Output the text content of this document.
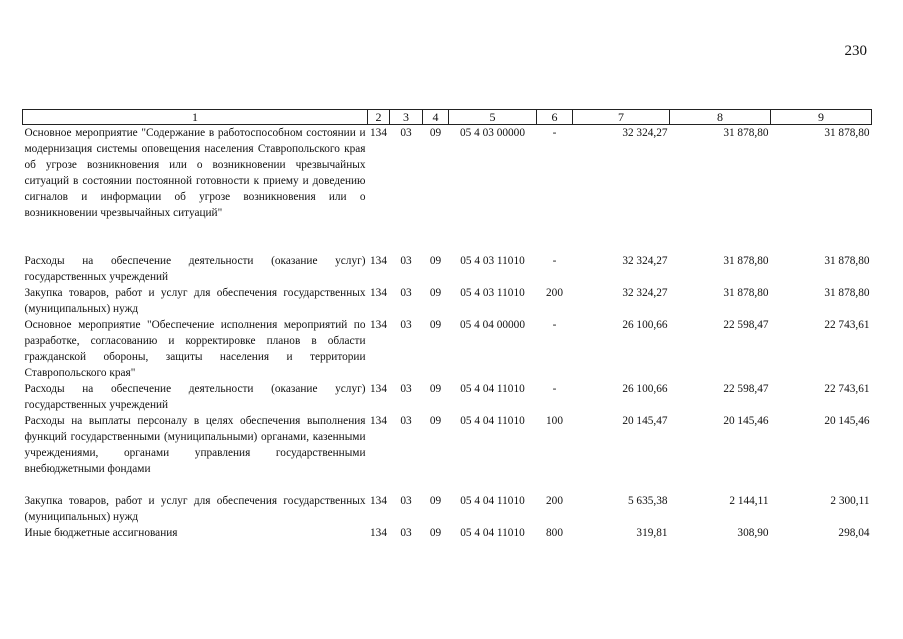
230
1	2	3	4	5	6	7	8	9
Основное мероприятие "Содержание в работоспособном состоянии и модернизация системы оповещения населения Ставропольского края об угрозе возникновения или о возникновении чрезвычайных ситуаций в состоянии постоянной готовности к приему и доведению сигналов и информации об угрозе возникновения или о возникновении чрезвычайных ситуаций"	134	03	09	05 4 03 00000	-	32 324,27	31 878,80	31 878,80
Расходы на обеспечение деятельности (оказание услуг) государственных учреждений	134	03	09	05 4 03 11010	-	32 324,27	31 878,80	31 878,80
Закупка товаров, работ и услуг для обеспечения государственных (муниципальных) нужд	134	03	09	05 4 03 11010	200	32 324,27	31 878,80	31 878,80
Основное мероприятие "Обеспечение исполнения мероприятий по разработке, согласованию и корректировке планов в области гражданской обороны, защиты населения и территории Ставропольского края"	134	03	09	05 4 04 00000	-	26 100,66	22 598,47	22 743,61
Расходы на обеспечение деятельности (оказание услуг) государственных учреждений	134	03	09	05 4 04 11010	-	26 100,66	22 598,47	22 743,61
Расходы на выплаты персоналу в целях обеспечения выполнения функций государственными (муниципальными) органами, казенными учреждениями, органами управления государственными внебюджетными фондами	134	03	09	05 4 04 11010	100	20 145,47	20 145,46	20 145,46
Закупка товаров, работ и услуг для обеспечения государственных (муниципальных) нужд	134	03	09	05 4 04 11010	200	5 635,38	2 144,11	2 300,11
Иные бюджетные ассигнования	134	03	09	05 4 04 11010	800	319,81	308,90	298,04
